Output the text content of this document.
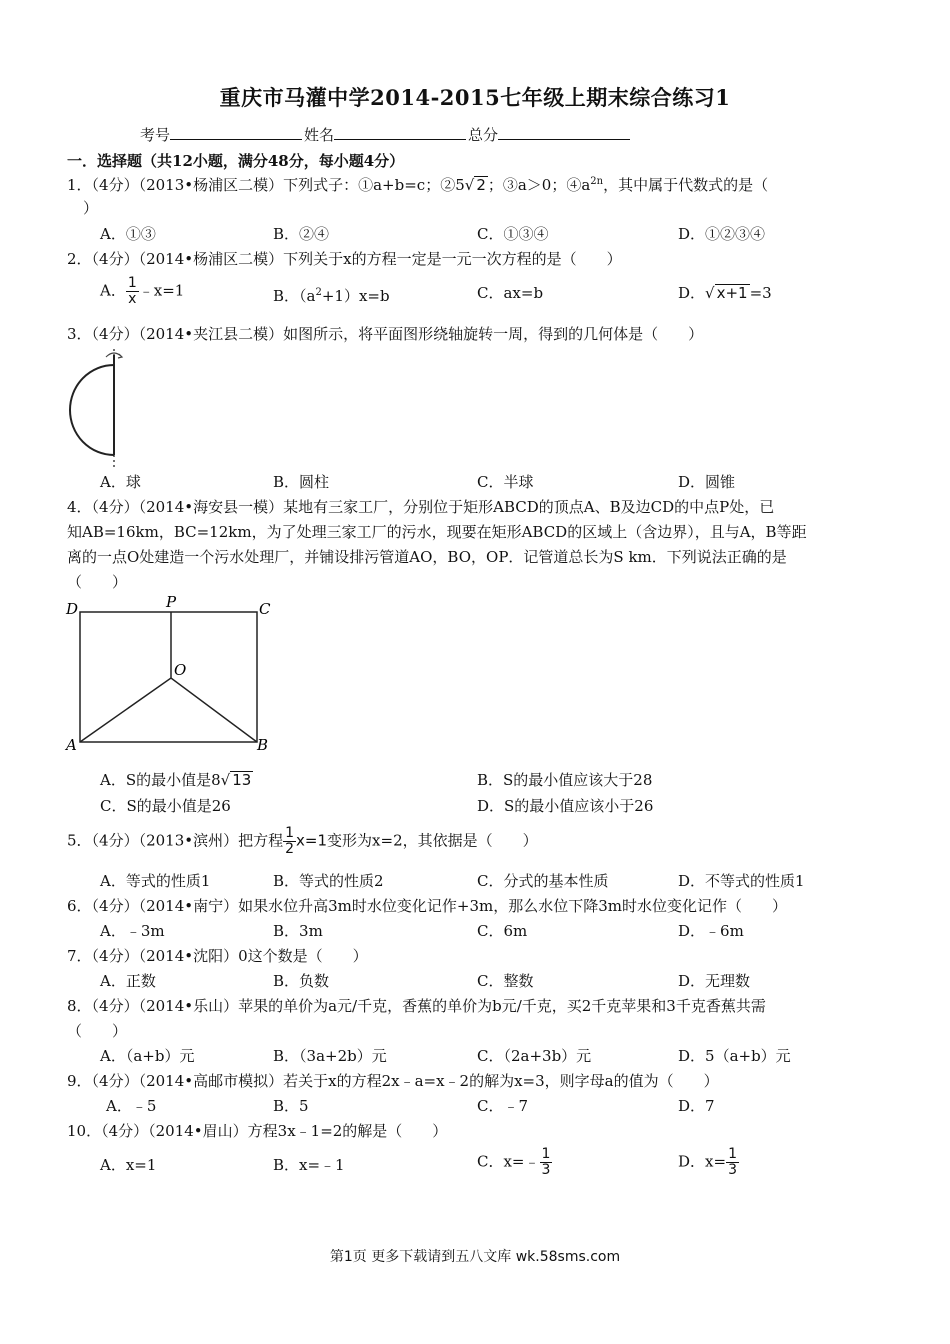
重庆市马灌中学2014-2015七年级上期末综合练习1
考号	姓名	总分
一．选择题（共12小题，满分48分，每小题4分）
1．（4分）（2013•杨浦区二模）下列式子：①a+b=c；②5√ 2 ；③a＞0；$④a^{2n}$，其中属于代数式的是（
）
A．①③	B．②④	C．①③④	D．①②③④
2．（4分）（2014•杨浦区二模）下列关于x的方程一定是一元一次方程的是（　　）
A． $\frac{1}{x}$ ﹣x=1	B．$(a^2+1)x=b$	C．ax=b	D．√ x+1 =3
3．（4分）（2014•夹江县二模）如图所示，将平面图形绕轴旋转一周，得到的几何体是（　　）
A．球	B．圆柱	C．半球	D．圆锥
4．（4分）（2014•海安县一模）某地有三家工厂，分别位于矩形ABCD的顶点A、B及边CD的中点P处，已
知AB=16km，BC=12km，为了处理三家工厂的污水，现要在矩形ABCD的区域上（含边界），且与A，B等距
离的一点O处建造一个污水处理厂，并铺设排污管道AO，BO，OP．记管道总长为S km．下列说法正确的是
（　　）
D	P	C
O
A	B
A．S的最小值是8√ 13	B．S的最小值应该大于28
C．S的最小值是26	D．S的最小值应该小于26
5．（4分）（2013•滨州）把方程 $\frac{1}{2} x=1$变形为x=2，其依据是（　　）
A．等式的性质1	B．等式的性质2	C．分式的基本性质	D．不等式的性质1
6．（4分）（2014•南宁）如果水位升高3m时水位变化记作+3m，那么水位下降3m时水位变化记作（　　）
A．﹣3m	B．3m	C．6m	D．﹣6m
7．（4分）（2014•沈阳）0这个数是（　　）
A．正数	B．负数	C．整数	D．无理数
8．（4分）（2014•乐山）苹果的单价为a元/千克，香蕉的单价为b元/千克，买2千克苹果和3千克香蕉共需
（　　）
A．（a+b）元	B．（3a+2b）元	C．（2a+3b）元	D．5（a+b）元
9．（4分）（2014•高邮市模拟）若关于x的方程2x﹣a=x﹣2的解为x=3，则字母a的值为（　　）
A．﹣5	B．5	C．﹣7	D．7
10．（4分）（2014•眉山）方程3x﹣1=2的解是（　　）
A．x=1	B．x=﹣1	C．x=﹣ $\frac{1}{3}$	D．$x= \frac{1}{3}$
第1页 更多下载请到五八文库 wk.58sms.com
